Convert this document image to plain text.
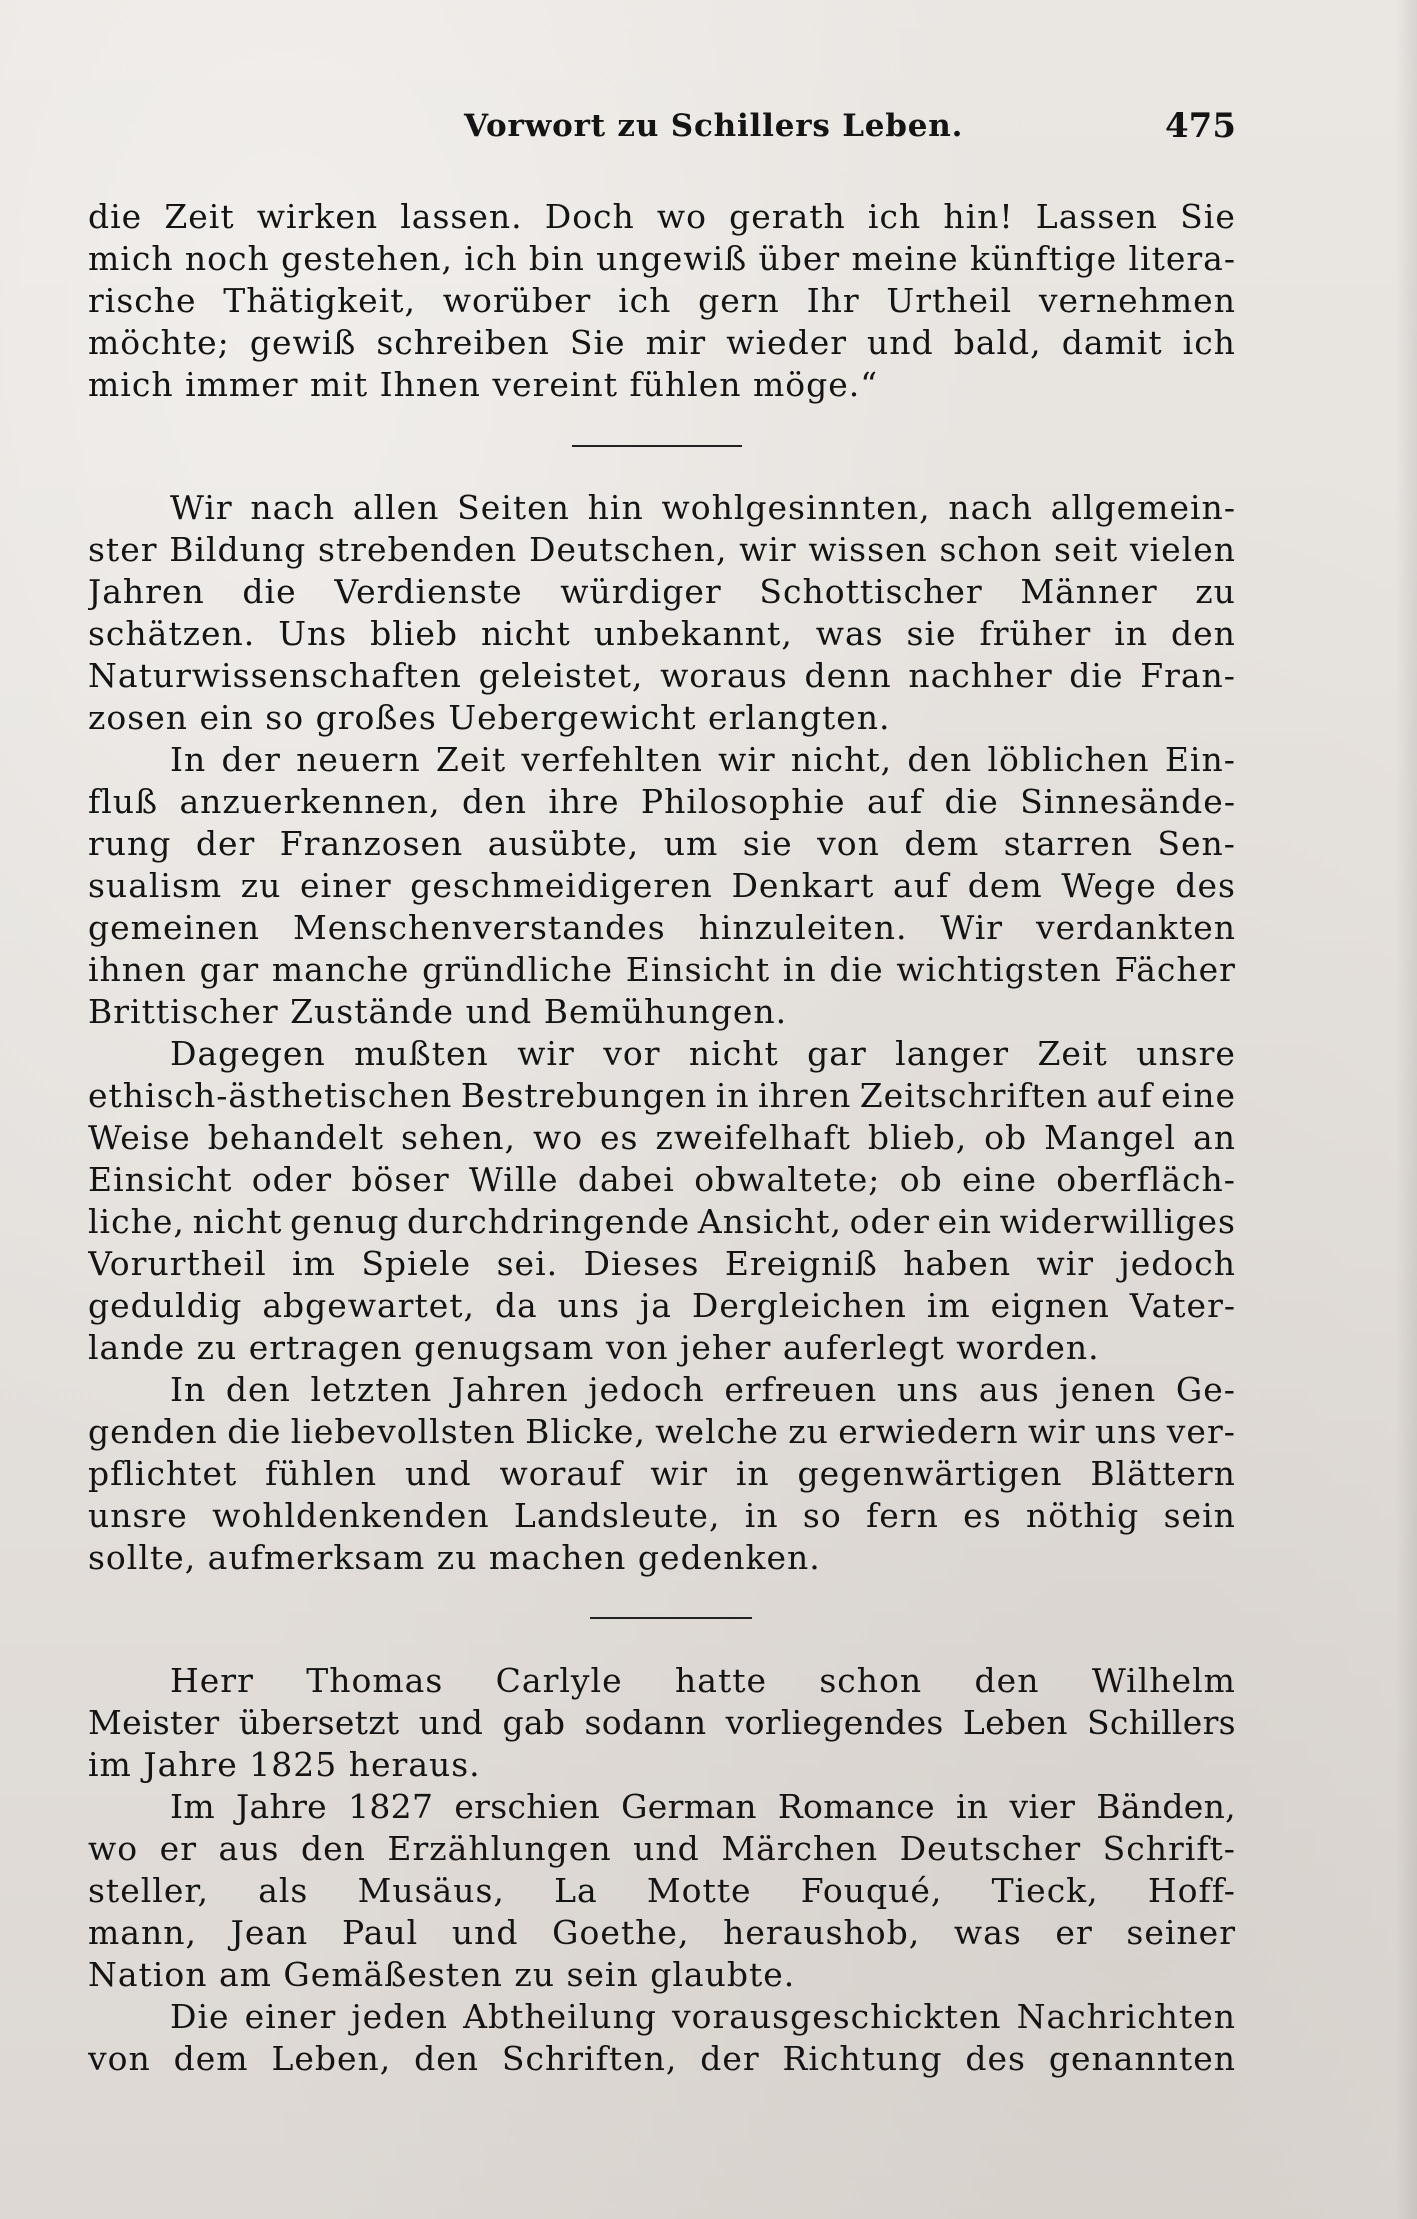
Vorwort zu Schillers Leben.	475
die Zeit wirken lassen. Doch wo gerath ich hin! Lassen Sie
mich noch gestehen, ich bin ungewiß über meine künftige litera-
rische Thätigkeit, worüber ich gern Ihr Urtheil vernehmen
möchte; gewiß schreiben Sie mir wieder und bald, damit ich
mich immer mit Ihnen vereint fühlen möge.“
Wir nach allen Seiten hin wohlgesinnten, nach allgemein-
ster Bildung strebenden Deutschen, wir wissen schon seit vielen
Jahren die Verdienste würdiger Schottischer Männer zu
schätzen. Uns blieb nicht unbekannt, was sie früher in den
Naturwissenschaften geleistet, woraus denn nachher die Fran-
zosen ein so großes Uebergewicht erlangten.
In der neuern Zeit verfehlten wir nicht, den löblichen Ein-
fluß anzuerkennen, den ihre Philosophie auf die Sinnesände-
rung der Franzosen ausübte, um sie von dem starren Sen-
sualism zu einer geschmeidigeren Denkart auf dem Wege des
gemeinen Menschenverstandes hinzuleiten. Wir verdankten
ihnen gar manche gründliche Einsicht in die wichtigsten Fächer
Brittischer Zustände und Bemühungen.
Dagegen mußten wir vor nicht gar langer Zeit unsre
ethisch-ästhetischen Bestrebungen in ihren Zeitschriften auf eine
Weise behandelt sehen, wo es zweifelhaft blieb, ob Mangel an
Einsicht oder böser Wille dabei obwaltete; ob eine oberfläch-
liche, nicht genug durchdringende Ansicht, oder ein widerwilliges
Vorurtheil im Spiele sei. Dieses Ereigniß haben wir jedoch
geduldig abgewartet, da uns ja Dergleichen im eignen Vater-
lande zu ertragen genugsam von jeher auferlegt worden.
In den letzten Jahren jedoch erfreuen uns aus jenen Ge-
genden die liebevollsten Blicke, welche zu erwiedern wir uns ver-
pflichtet fühlen und worauf wir in gegenwärtigen Blättern
unsre wohldenkenden Landsleute, in so fern es nöthig sein
sollte, aufmerksam zu machen gedenken.
Herr Thomas Carlyle hatte schon den Wilhelm
Meister übersetzt und gab sodann vorliegendes Leben Schillers
im Jahre 1825 heraus.
Im Jahre 1827 erschien German Romance in vier Bänden,
wo er aus den Erzählungen und Märchen Deutscher Schrift-
steller, als Musäus, La Motte Fouqué, Tieck, Hoff-
mann, Jean Paul und Goethe, heraushob, was er seiner
Nation am Gemäßesten zu sein glaubte.
Die einer jeden Abtheilung vorausgeschickten Nachrichten
von dem Leben, den Schriften, der Richtung des genannten
